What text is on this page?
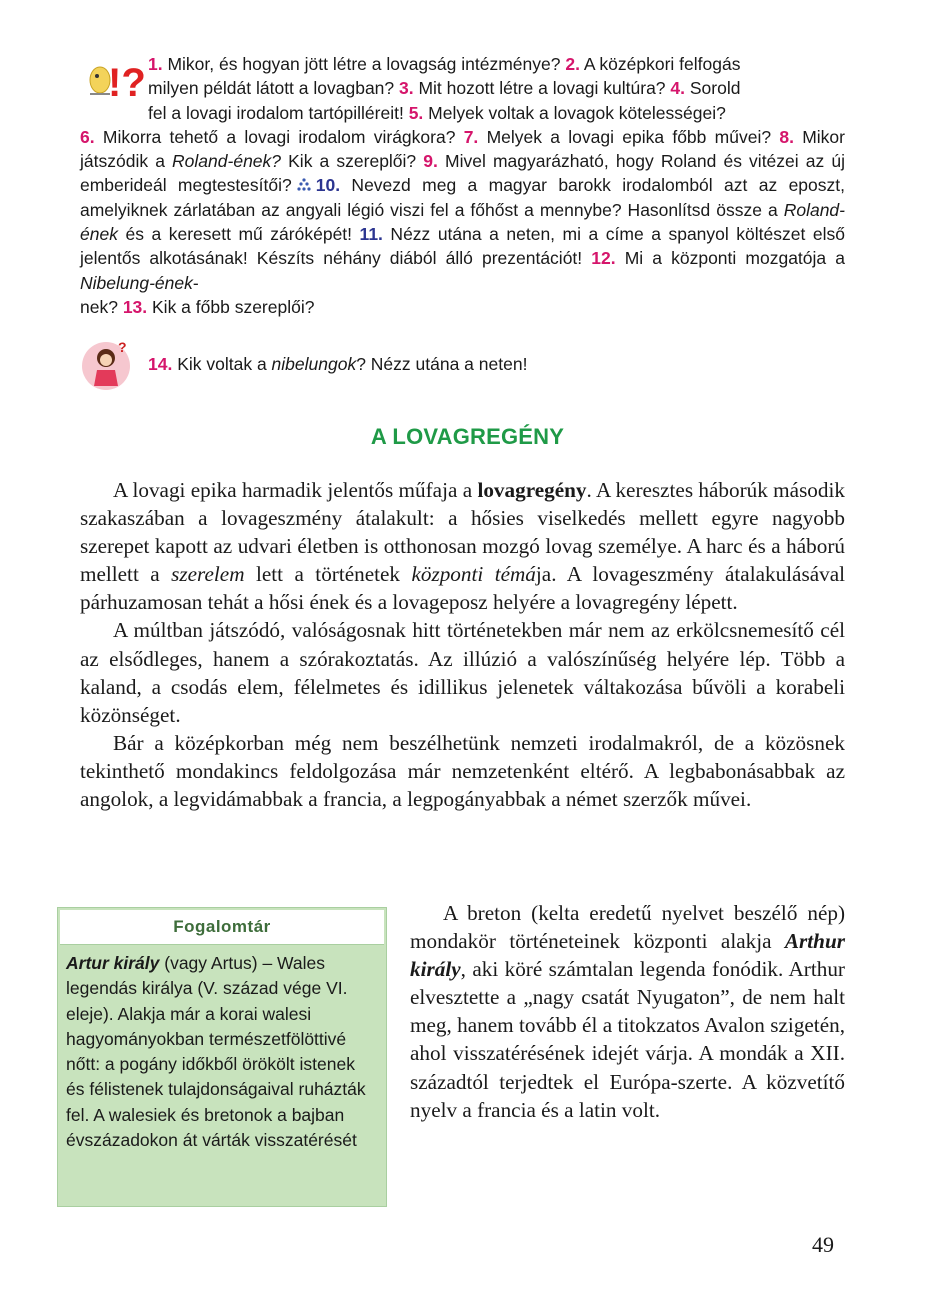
!?
?

1. Mikor, és hogyan jött létre a lovagság intézménye? 2. A középkori felfogás

milyen példát látott a lovagban? 3. Mit hozott létre a lovagi kultúra? 4. Sorold

fel a lovagi irodalom tartópilléreit! 5. Melyek voltak a lovagok kötelességei?

6. Mikorra tehető a lovagi irodalom virágkora? 7. Melyek a lovagi epika főbb művei? 8. Mikor játszódik a Roland-ének? Kik a szereplői? 9. Mivel magyarázható, hogy Roland és vitézei az új emberideál megtestesítői? 10. Nevezd meg a magyar barokk irodalomból azt az eposzt, amelyiknek zárlatában az angyali légió viszi fel a főhőst a mennybe? Hasonlítsd össze a Roland-ének és a keresett mű záróképét! 11. Nézz utána a neten, mi a címe a spanyol költészet első jelentős alkotásának! Készíts néhány diából álló prezentációt! 12. Mi a központi mozgatója a Nibelung-ének-
nek? 13. Kik a főbb szereplői?

14. Kik voltak a nibelungok? Nézz utána a neten!
A LOVAGREGÉNY

A lovagi epika harmadik jelentős műfaja a lovagregény. A keresztes háborúk második szakaszában a lovageszmény átalakult: a hősies viselkedés mellett egyre nagyobb szerepet kapott az udvari életben is otthonosan mozgó lovag személye. A harc és a háború mellett a szerelem lett a történetek központi témája. A lovageszmény átalakulásával párhuzamosan tehát a hősi ének és a lovageposz helyére a lovagregény lépett.

A múltban játszódó, valóságosnak hitt történetekben már nem az erkölcsnemesítő cél az elsődleges, hanem a szórakoztatás. Az illúzió a valószínűség helyére lép. Több a kaland, a csodás elem, félelmetes és idillikus jelenetek váltakozása bűvöli a korabeli közönséget.

Bár a középkorban még nem beszélhetünk nemzeti irodalmakról, de a közösnek tekinthető mondakincs feldolgozása már nemzetenként eltérő. A legbabonásabbak az angolok, a legvidámabbak a francia, a legpogányabbak a német szerzők művei.

Fogalomtár
Artur király (vagy Artus) – Wales legendás királya (V. század vége VI. eleje). Alakja már a korai walesi hagyományokban természetfölöttivé nőtt: a pogány időkből örökölt istenek és félistenek tulajdonságaival ruházták fel. A walesiek és bretonok a bajban évszázadokon át várták visszatérését

A breton (kelta eredetű nyelvet beszélő nép) mondakör történeteinek központi alakja Arthur király, aki köré számtalan legenda fonódik. Arthur elvesztette a „nagy csatát Nyugaton”, de nem halt meg, hanem tovább él a titokzatos Avalon szigetén, ahol visszatérésének idejét várja. A mondák a XII. századtól terjedtek el Európa-szerte. A közvetítő nyelv a francia és a latin volt.

49
